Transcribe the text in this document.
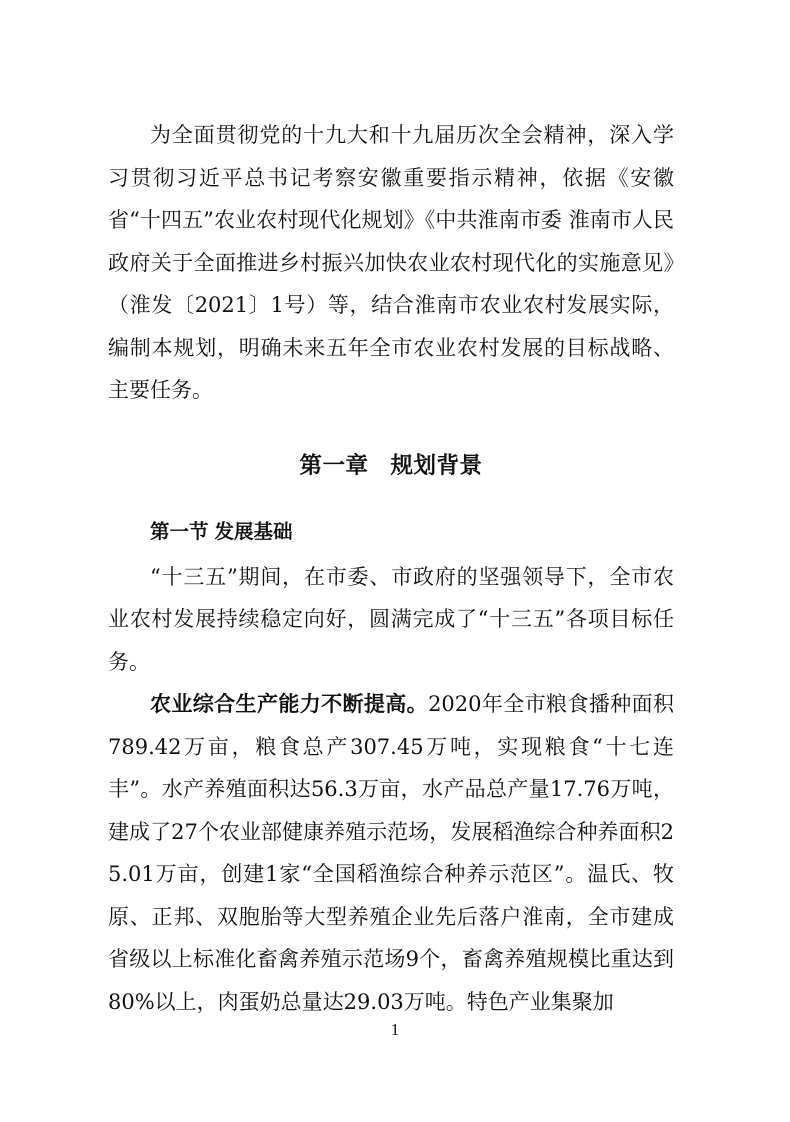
为全面贯彻党的十九大和十九届历次全会精神，深入学习贯彻习近平总书记考察安徽重要指示精神，依据《安徽省“十四五”农业农村现代化规划》《中共淮南市委 淮南市人民政府关于全面推进乡村振兴加快农业农村现代化的实施意见》（淮发〔2021〕1号）等，结合淮南市农业农村发展实际，编制本规划，明确未来五年全市农业农村发展的目标战略、主要任务。

第一章 规划背景
第一节 发展基础

“十三五”期间，在市委、市政府的坚强领导下，全市农业农村发展持续稳定向好，圆满完成了“十三五”各项目标任务。

农业综合生产能力不断提高。2020年全市粮食播种面积789.42万亩，粮食总产307.45万吨，实现粮食“十七连丰”。水产养殖面积达56.3万亩，水产品总产量17.76万吨，建成了27个农业部健康养殖示范场，发展稻渔综合种养面积25.01万亩，创建1家“全国稻渔综合种养示范区”。温氏、牧原、正邦、双胞胎等大型养殖企业先后落户淮南，全市建成省级以上标准化畜禽养殖示范场9个，畜禽养殖规模比重达到80%以上，肉蛋奶总量达29.03万吨。特色产业集聚加

1
